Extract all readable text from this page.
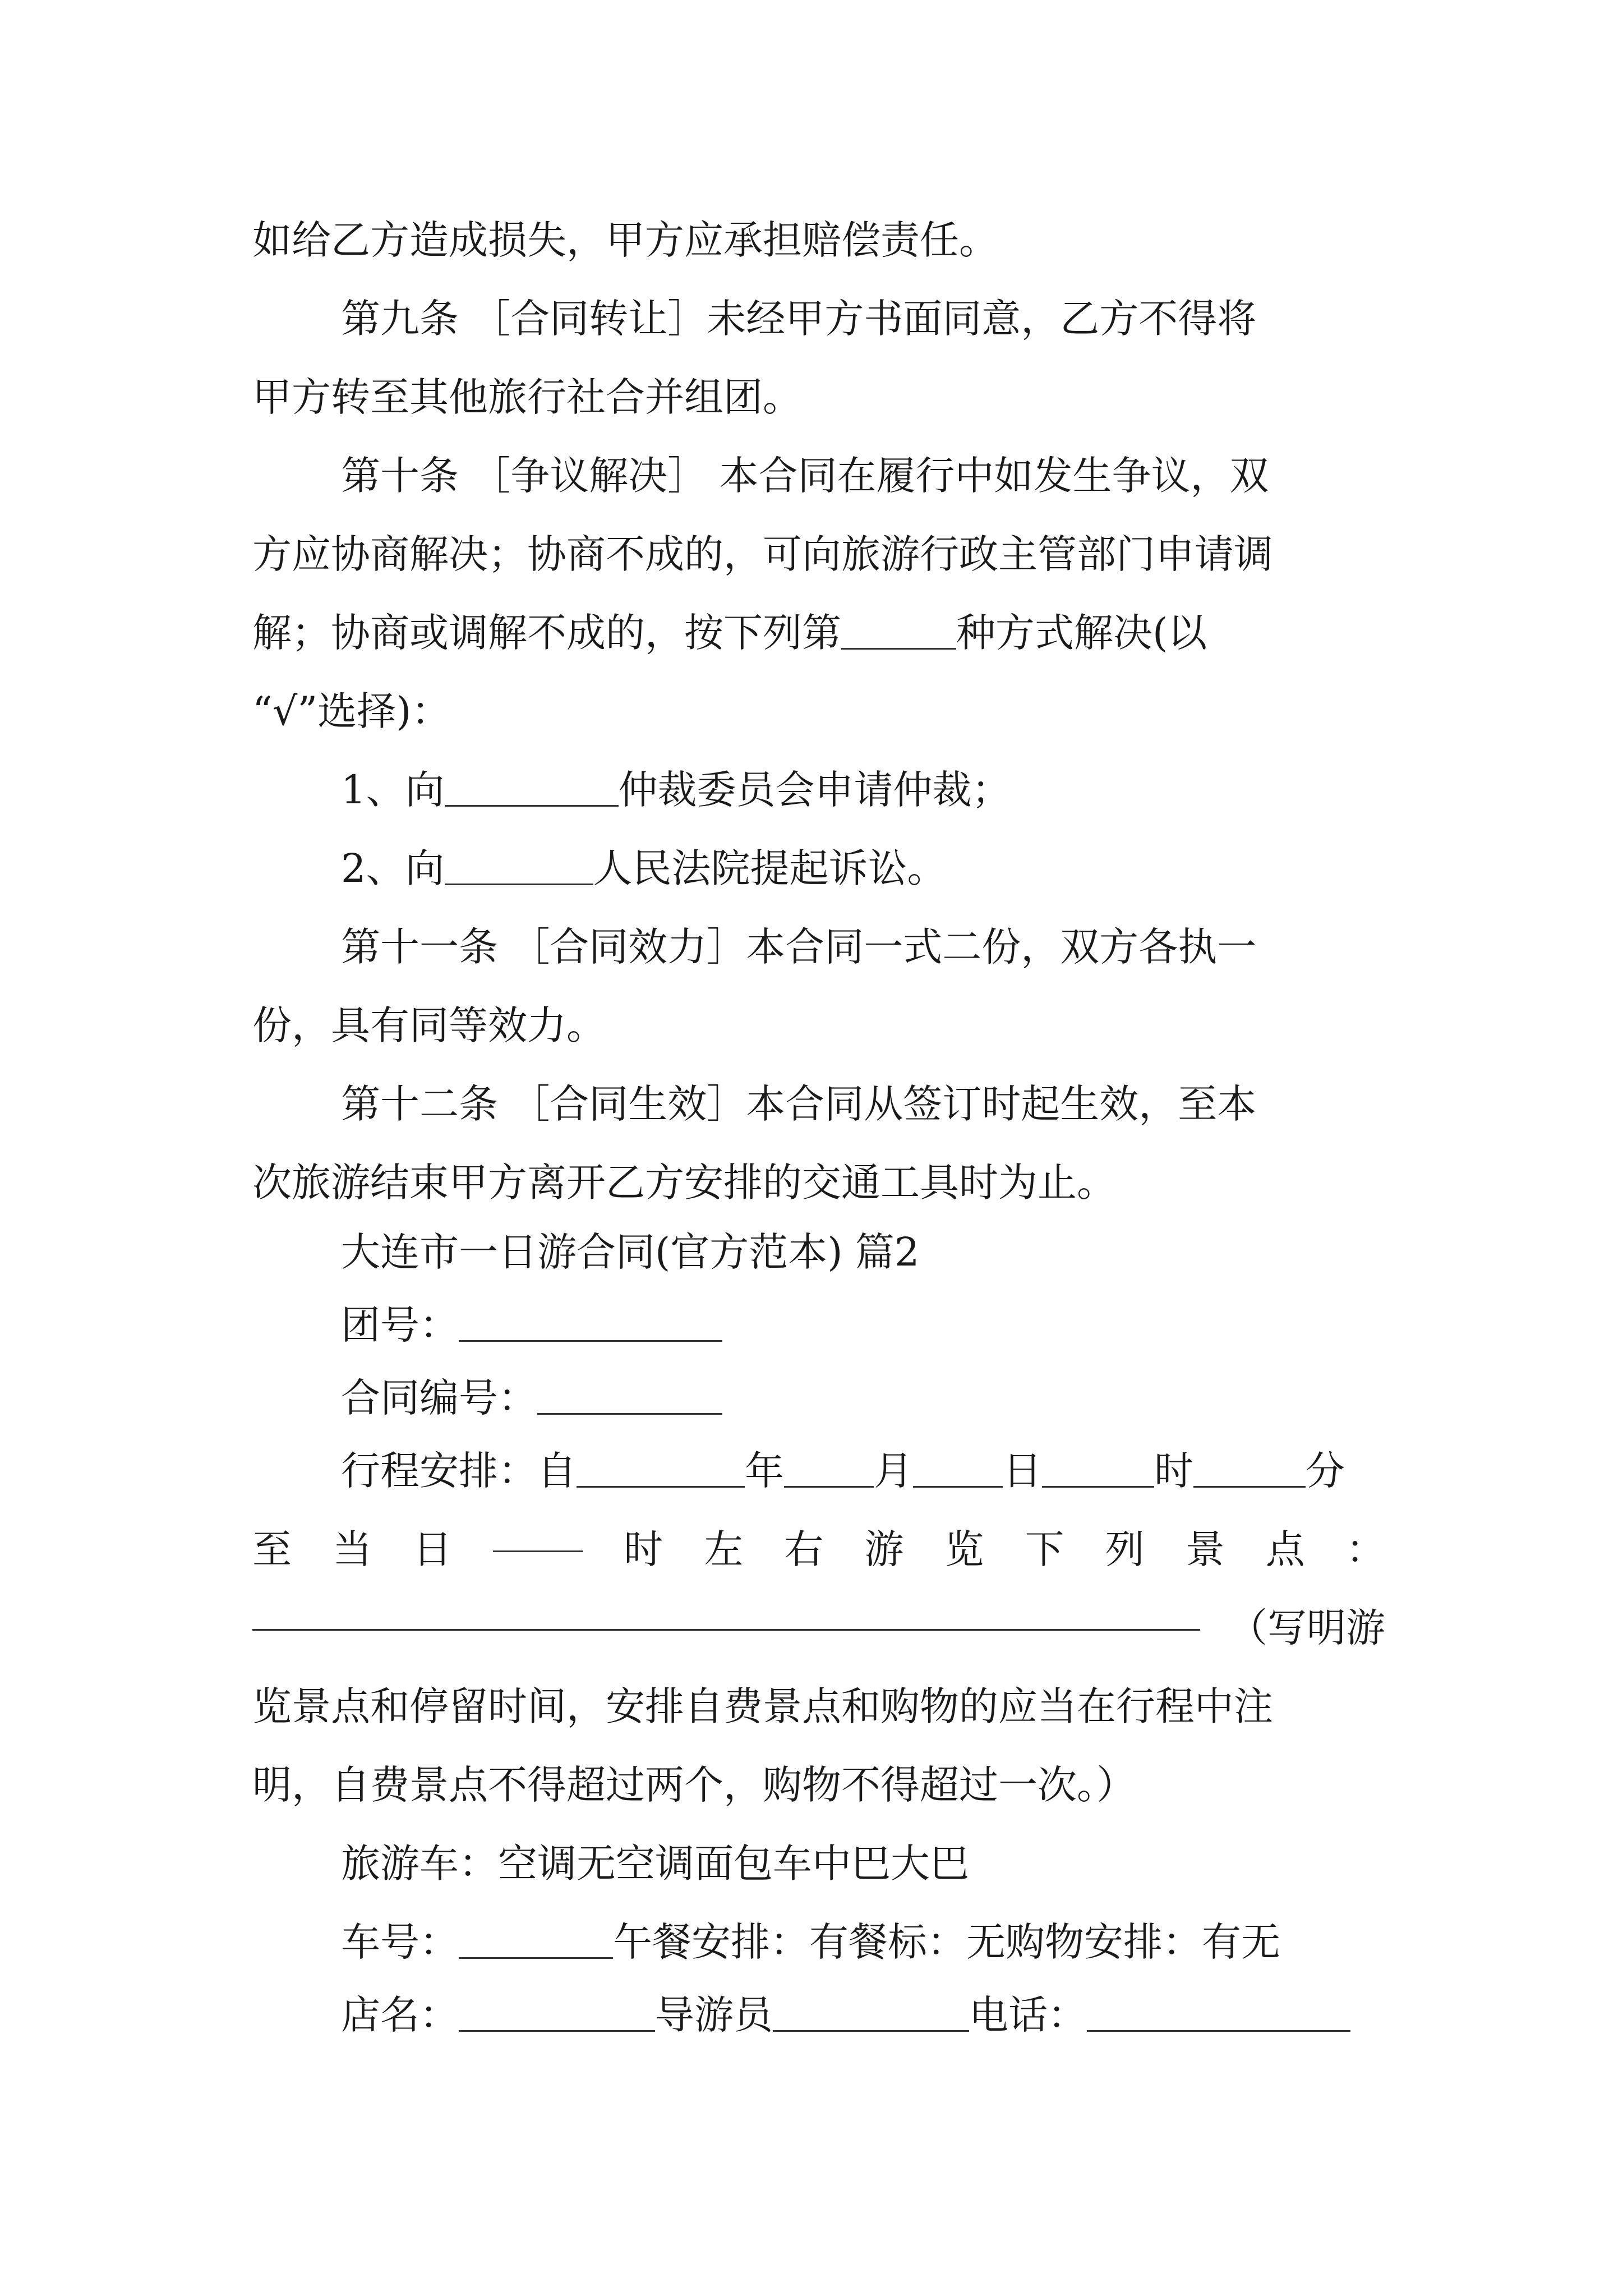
如给乙方造成损失，甲方应承担赔偿责任。
第九条 ［合同转让］未经甲方书面同意，乙方不得将
甲方转至其他旅行社合并组团。
第十条 ［争议解决］ 本合同在履行中如发生争议，双
方应协商解决；协商不成的，可向旅游行政主管部门申请调
解；协商或调解不成的，按下列第	种方式解决(以
“√”选择)：
1、向	仲裁委员会申请仲裁；
2、向	人民法院提起诉讼。
第十一条 ［合同效力］本合同一式二份，双方各执一
份，具有同等效力。
第十二条 ［合同生效］本合同从签订时起生效，至本
次旅游结束甲方离开乙方安排的交通工具时为止。
大连市一日游合同(官方范本) 篇2
团号：
合同编号：
行程安排：自	年 月 日	时	分
至 当 日	时 左 右 游 览 下 列 景 点 ：
（写明游
览景点和停留时间，安排自费景点和购物的应当在行程中注
明，自费景点不得超过两个，购物不得超过一次。）
旅游车：空调无空调面包车中巴大巴
车号：	午餐安排：有餐标：无购物安排：有无
店名：	导游员	电话：
